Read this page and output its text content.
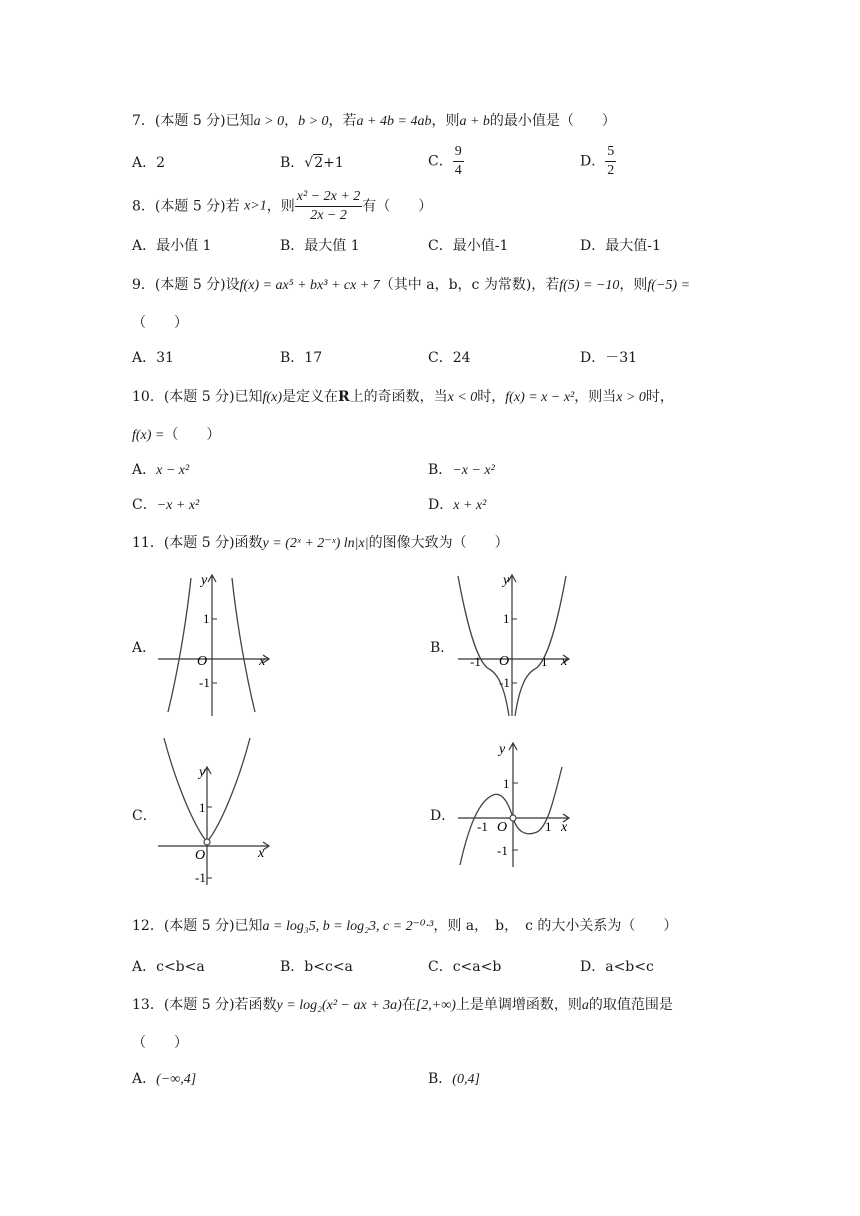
7．(本题 5 分)已知a > 0，b > 0，若a + 4b = 4ab，则a + b的最小值是（　　）
A．2	B．√2+1	C． $\frac{9}{4}$	D． $\frac{5}{2}$
8．(本题 5 分)若 x>1，则 $\frac{\text{x² − 2x + 2}}{2x - 2}$ 有（　　）
A．最小值 1	B．最大值 1	C．最小值-1	D．最大值-1
9．(本题 5 分)设f(x) = ax⁵ + bx³ + cx + 7（其中 a，b，c 为常数)，若f(5) = −10，则f(−5) =
（　　）
A．31	B．17	C．24	D．－31
10．(本题 5 分)已知f(x)是定义在R上的奇函数，当x < 0时，f(x) = x − x²，则当x > 0时，
f(x) =（　　）
A．x − x²	B．−x − x²
C．−x + x²	D．x + x²
11．(本题 5 分)函数y = (2ˣ + 2⁻ˣ) ln|x|的图像大致为（　　）
A．
y
x
O
1
-1
B．
y
x
O
1
-1
-1	1
C．
y
x
O
1
-1
D．
y
x
O
1
-1
-1	1
12．(本题 5 分)已知a = log₃5, b = log₂3, c = 2⁻⁰·³，则 a，　b，　c 的大小关系为（　　）
A．c<b<a	B．b<c<a	C．c<a<b	D．a<b<c
13．(本题 5 分)若函数y = log₂(x² − ax + 3a)在[2,+∞)上是单调增函数，则a的取值范围是
（　　）
A．(−∞,4]	B．(0,4]
